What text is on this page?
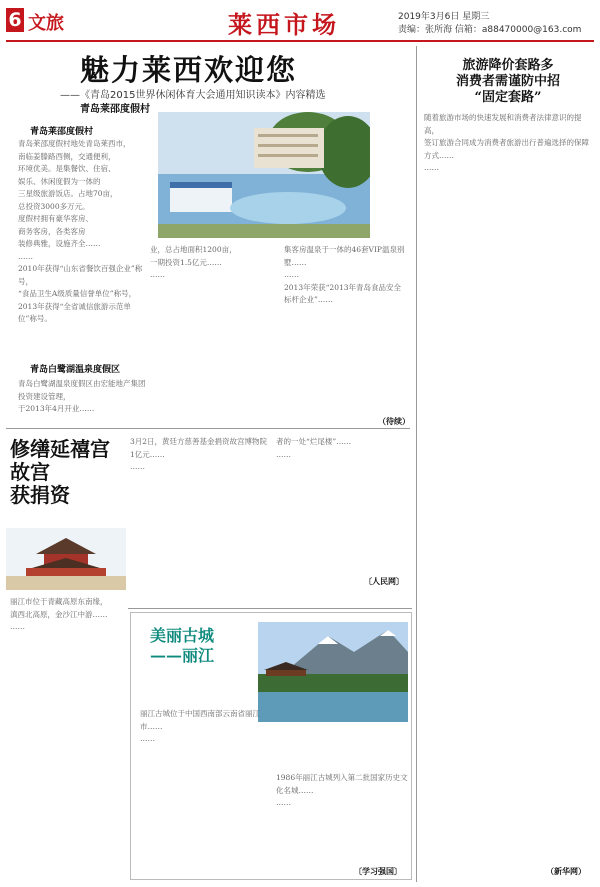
6 文旅	莱西市场	2019年3月6日 星期三
责编：张所海 信箱：a88470000@163.com
魅力莱西欢迎您
——《青岛2015世界休闲体育大会通用知识读本》内容精选
青岛莱邵度假村
青岛莱邵度假村
青岛莱邵度假村地处青岛莱西市，
南临姜滕路西侧，交通便利，
环境优美。是集餐饮、住宿、
娱乐、休闲度假为一体的
三星级旅游饭店。占地70亩，
总投资3000多万元。
度假村拥有豪华客房、
商务客房，各类客房
装修典雅，设施齐全……
……
2010年获得“山东省餐饮百强企业”称号，
“食品卫生A级质量信誉单位”称号，
2013年获得“全省诚信旅游示范单位”称号。
青岛白鹭湖温泉度假区
青岛白鹭湖温泉度假区由宏能地产集团投资建设管理，
于2013年4月开业……
业，总占地面积1200亩，
一期投资1.5亿元……
……
集客房温泉于一体的46套VIP温泉别墅……
……
2013年荣获“2013年青岛食品安全标杆企业”……
（待续）
旅游降价套路多
消费者需谨防中招
“固定套路”
随着旅游市场的快速发展和消费者法律意识的提高，
签订旅游合同成为消费者旅游出行普遍选择的保障方式……
……
（新华网）
修缮延禧宫
故宫
获捐资
丽江市位于青藏高原东南缘，
滇西北高原，金沙江中游……
……
3月2日，黄廷方慈善基金捐资故宫博物院1亿元……
……
者的一处“烂尾楼”……
……
〔人民网〕
美丽古城
——丽江
丽江古城位于中国西南部云南省丽江市……
……
1986年丽江古城列入第二批国家历史文化名城……
……
〔学习强国〕
